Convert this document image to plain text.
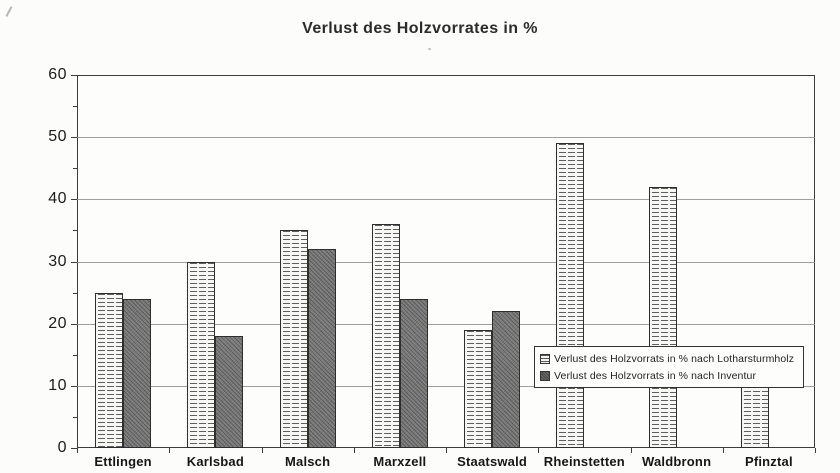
Verlust des Holzvorrates in %
0
10
20
30
40
50
60
Ettlingen	Karlsbad	Malsch	Marxzell	Staatswald	Rheinstetten	Waldbronn	Pfinztal
Verlust des Holzvorrats in % nach Lotharsturmholz
Verlust des Holzvorrats in % nach Inventur
